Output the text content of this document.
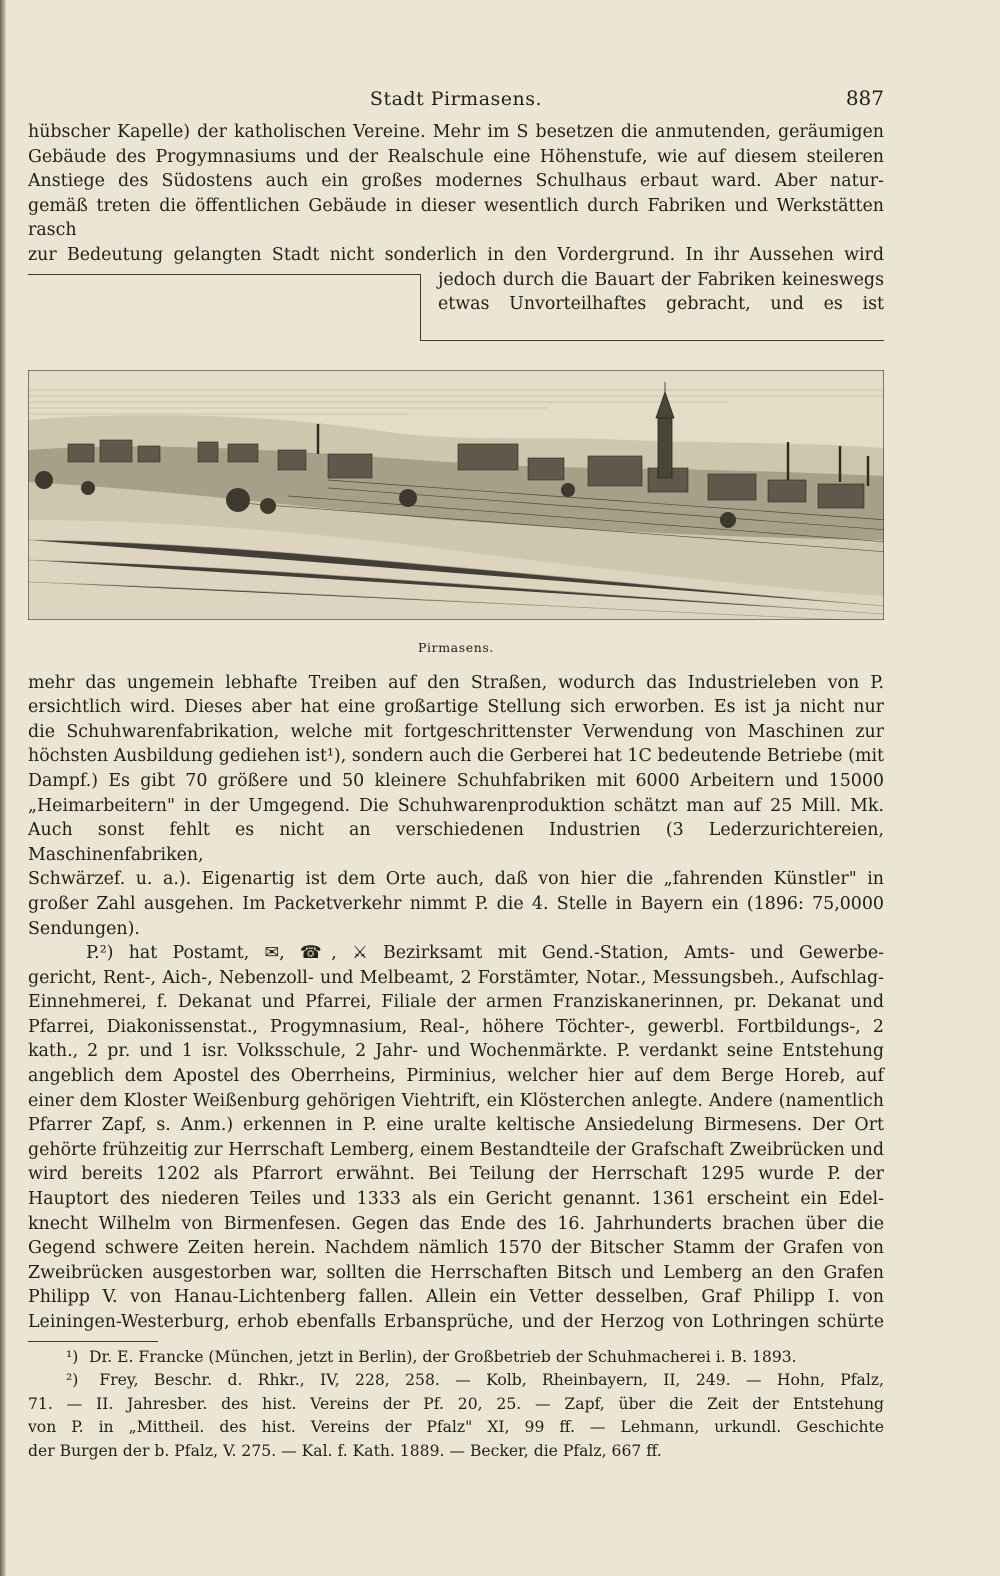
Stadt Pirmasens.	887

hübscher Kapelle) der katholischen Vereine. Mehr im S besetzen die anmutenden, geräumigen

Gebäude des Progymnasiums und der Realschule eine Höhenstufe, wie auf diesem steileren

Anstiege des Südostens auch ein großes modernes Schulhaus erbaut ward. Aber natur-

gemäß treten die öffentlichen Gebäude in dieser wesentlich durch Fabriken und Werkstätten rasch

zur Bedeutung gelangten Stadt nicht sonderlich in den Vordergrund. In ihr Aussehen wird

jedoch durch die Bauart der Fabriken keineswegs

etwas Unvorteilhaftes gebracht, und es ist

Pirmasens.

mehr das ungemein lebhafte Treiben auf den Straßen, wodurch das Industrieleben von P.

ersichtlich wird. Dieses aber hat eine großartige Stellung sich erworben. Es ist ja nicht nur

die Schuhwarenfabrikation, welche mit fortgeschrittenster Verwendung von Maschinen zur

höchsten Ausbildung gediehen ist¹), sondern auch die Gerberei hat 1C bedeutende Betriebe (mit

Dampf.) Es gibt 70 größere und 50 kleinere Schuhfabriken mit 6000 Arbeitern und 15000

„Heimarbeitern" in der Umgegend. Die Schuhwarenproduktion schätzt man auf 25 Mill. Mk.

Auch sonst fehlt es nicht an verschiedenen Industrien (3 Lederzurichtereien, Maschinenfabriken,

Schwärzef. u. a.). Eigenartig ist dem Orte auch, daß von hier die „fahrenden Künstler" in

großer Zahl ausgehen. Im Packetverkehr nimmt P. die 4. Stelle in Bayern ein (1896: 75,0000

Sendungen).

P.²) hat Postamt, ✉, ☎, ⚔ Bezirksamt mit Gend.-Station, Amts- und Gewerbe-

gericht, Rent-, Aich-, Nebenzoll- und Melbeamt, 2 Forstämter, Notar., Messungsbeh., Aufschlag-

Einnehmerei, f. Dekanat und Pfarrei, Filiale der armen Franziskanerinnen, pr. Dekanat und

Pfarrei, Diakonissenstat., Progymnasium, Real-, höhere Töchter-, gewerbl. Fortbildungs-, 2

kath., 2 pr. und 1 isr. Volksschule, 2 Jahr- und Wochenmärkte. P. verdankt seine Entstehung

angeblich dem Apostel des Oberrheins, Pirminius, welcher hier auf dem Berge Horeb, auf

einer dem Kloster Weißenburg gehörigen Viehtrift, ein Klösterchen anlegte. Andere (namentlich

Pfarrer Zapf, s. Anm.) erkennen in P. eine uralte keltische Ansiedelung Birmesens. Der Ort

gehörte frühzeitig zur Herrschaft Lemberg, einem Bestandteile der Grafschaft Zweibrücken und

wird bereits 1202 als Pfarrort erwähnt. Bei Teilung der Herrschaft 1295 wurde P. der

Hauptort des niederen Teiles und 1333 als ein Gericht genannt. 1361 erscheint ein Edel-

knecht Wilhelm von Birmenfesen. Gegen das Ende des 16. Jahrhunderts brachen über die

Gegend schwere Zeiten herein. Nachdem nämlich 1570 der Bitscher Stamm der Grafen von

Zweibrücken ausgestorben war, sollten die Herrschaften Bitsch und Lemberg an den Grafen

Philipp V. von Hanau-Lichtenberg fallen. Allein ein Vetter desselben, Graf Philipp I. von

Leiningen-Westerburg, erhob ebenfalls Erbansprüche, und der Herzog von Lothringen schürte

¹) Dr. E. Francke (München, jetzt in Berlin), der Großbetrieb der Schuhmacherei i. B. 1893.

²) Frey, Beschr. d. Rhkr., IV, 228, 258. — Kolb, Rheinbayern, II, 249. — Hohn, Pfalz,

71. — II. Jahresber. des hist. Vereins der Pf. 20, 25. — Zapf, über die Zeit der Entstehung

von P. in „Mittheil. des hist. Vereins der Pfalz" XI, 99 ff. — Lehmann, urkundl. Geschichte

der Burgen der b. Pfalz, V. 275. — Kal. f. Kath. 1889. — Becker, die Pfalz, 667 ff.
